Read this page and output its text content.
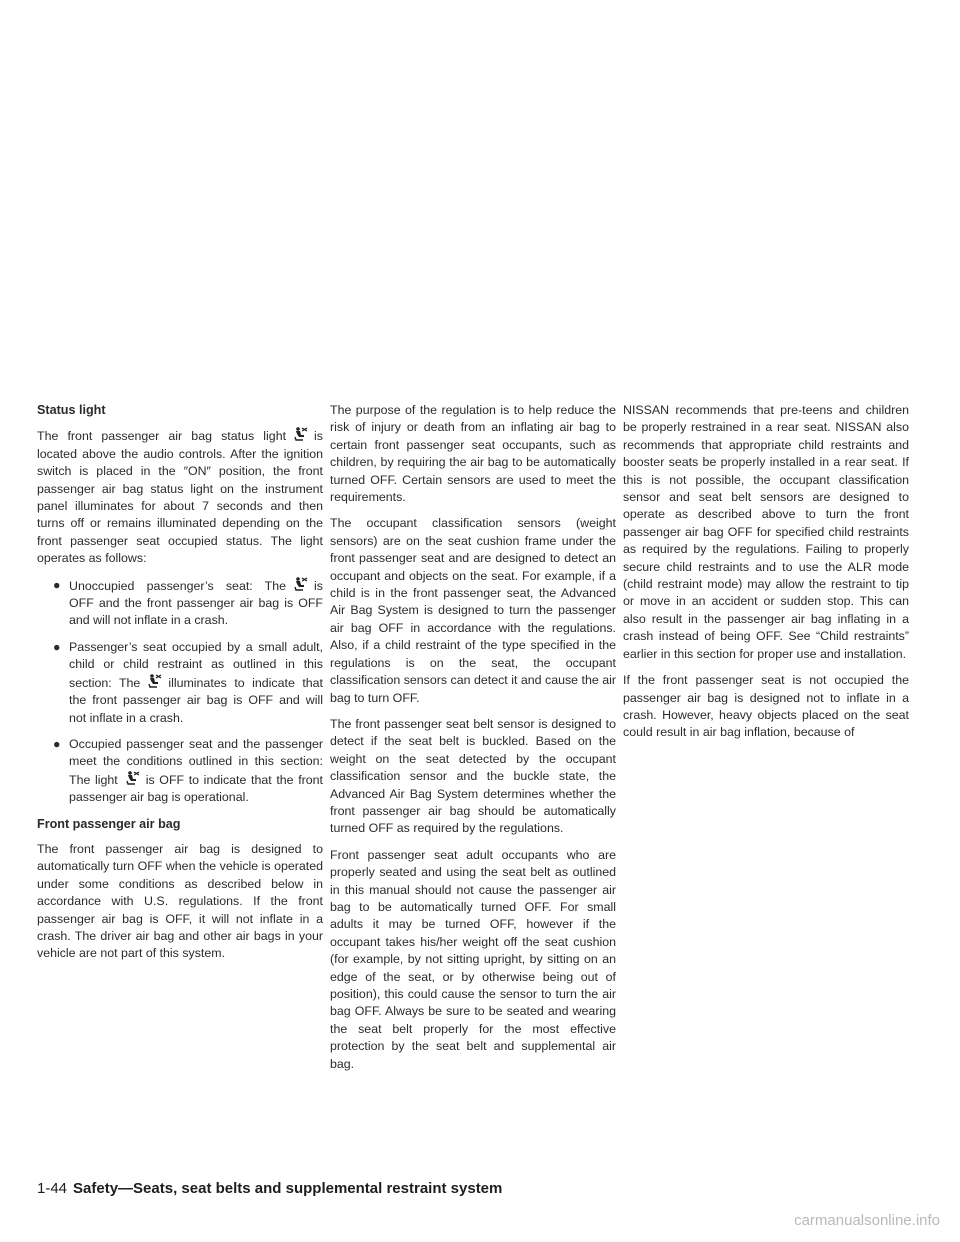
Status light

The front passenger air bag status light is located above the audio controls. After the ignition switch is placed in the ″ON″ position, the front passenger air bag status light on the instrument panel illuminates for about 7 seconds and then turns off or remains illuminated depending on the front passenger seat occupied status. The light operates as follows:

● Unoccupied passenger’s seat: The is OFF and the front passenger air bag is OFF and will not inflate in a crash.
● Passenger’s seat occupied by a small adult, child or child restraint as outlined in this section: The illuminates to indicate that the front passenger air bag is OFF and will not inflate in a crash.
● Occupied passenger seat and the passenger meet the conditions outlined in this section: The light is OFF to indicate that the front passenger air bag is operational.
Front passenger air bag

The front passenger air bag is designed to automatically turn OFF when the vehicle is operated under some conditions as described below in accordance with U.S. regulations. If the front passenger air bag is OFF, it will not inflate in a crash. The driver air bag and other air bags in your vehicle are not part of this system.

The purpose of the regulation is to help reduce the risk of injury or death from an inflating air bag to certain front passenger seat occupants, such as children, by requiring the air bag to be automatically turned OFF. Certain sensors are used to meet the requirements.

The occupant classification sensors (weight sensors) are on the seat cushion frame under the front passenger seat and are designed to detect an occupant and objects on the seat. For example, if a child is in the front passenger seat, the Advanced Air Bag System is designed to turn the passenger air bag OFF in accordance with the regulations. Also, if a child restraint of the type specified in the regulations is on the seat, the occupant classification sensors can detect it and cause the air bag to turn OFF.

The front passenger seat belt sensor is designed to detect if the seat belt is buckled. Based on the weight on the seat detected by the occupant classification sensor and the buckle state, the Advanced Air Bag System determines whether the front passenger air bag should be automatically turned OFF as required by the regulations.

Front passenger seat adult occupants who are properly seated and using the seat belt as outlined in this manual should not cause the passenger air bag to be automatically turned OFF. For small adults it may be turned OFF, however if the occupant takes his/her weight off the seat cushion (for example, by not sitting upright, by sitting on an edge of the seat, or by otherwise being out of position), this could cause the sensor to turn the air bag OFF. Always be sure to be seated and wearing the seat belt properly for the most effective protection by the seat belt and supplemental air bag.

NISSAN recommends that pre-teens and children be properly restrained in a rear seat. NISSAN also recommends that appropriate child restraints and booster seats be properly installed in a rear seat. If this is not possible, the occupant classification sensor and seat belt sensors are designed to operate as described above to turn the front passenger air bag OFF for specified child restraints as required by the regulations. Failing to properly secure child restraints and to use the ALR mode (child restraint mode) may allow the restraint to tip or move in an accident or sudden stop. This can also result in the passenger air bag inflating in a crash instead of being OFF. See “Child restraints” earlier in this section for proper use and installation.

If the front passenger seat is not occupied the passenger air bag is designed not to inflate in a crash. However, heavy objects placed on the seat could result in air bag inflation, because of

1-44 Safety—Seats, seat belts and supplemental restraint system
carmanualsonline.info
